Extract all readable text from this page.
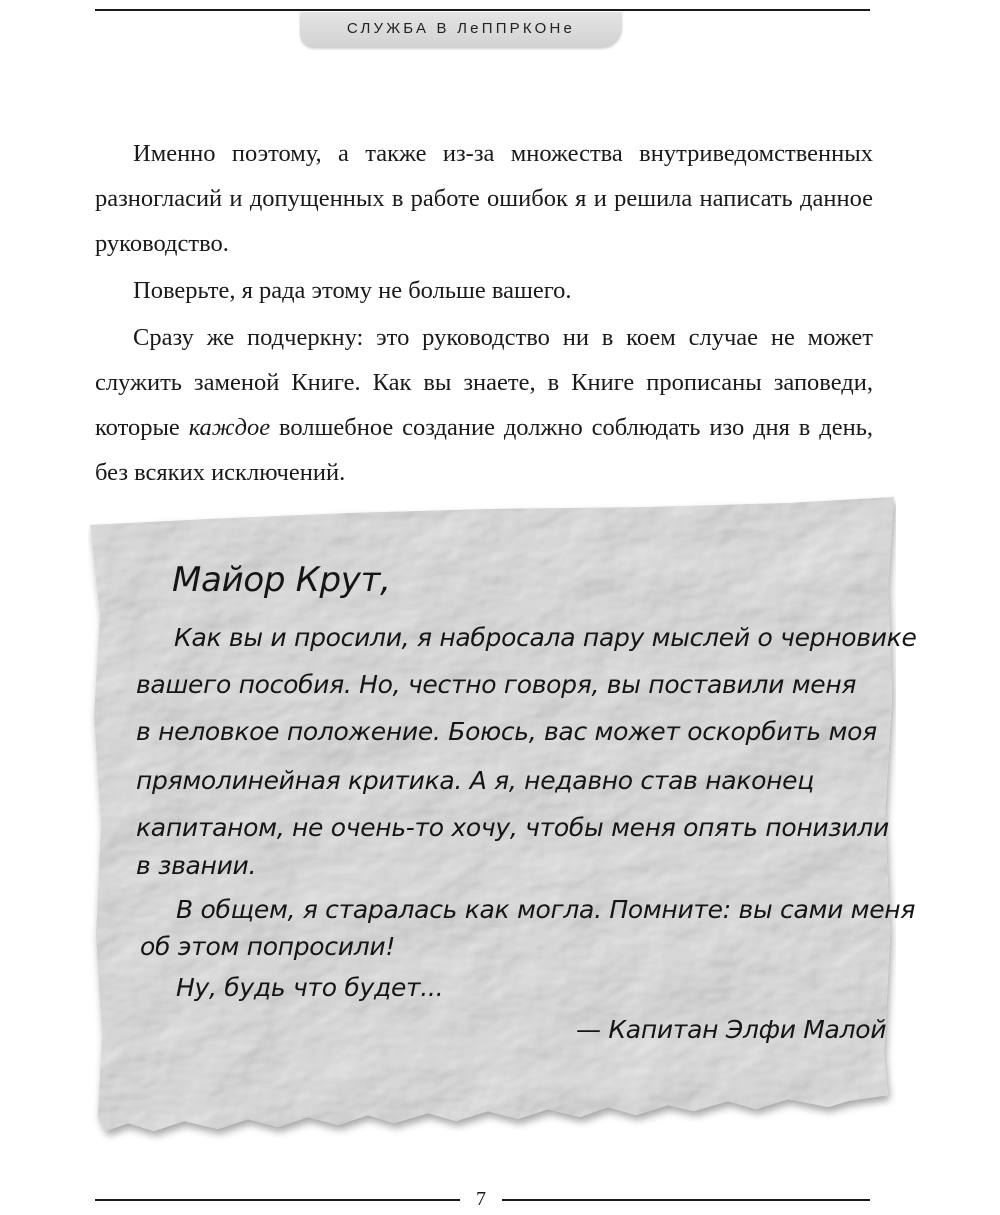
СЛУЖБА В ЛеППРКОНе

Именно поэтому, а также из-за множества внутриведомственных разногласий и допущенных в работе ошибок я и решила написать данное руководство.

Поверьте, я рада этому не больше вашего.

Сразу же подчеркну: это руководство ни в коем случае не может служить заменой Книге. Как вы знаете, в Книге прописаны заповеди, которые каждое волшебное создание должно соблюдать изо дня в день, без всяких исключений.

Майор Крут,
Как вы и просили, я набросала пару мыслей о черновике
вашего пособия. Но, честно говоря, вы поставили меня
в неловкое положение. Боюсь, вас может оскорбить моя
прямолинейная критика. А я, недавно став наконец
капитаном, не очень-то хочу, чтобы меня опять понизили
в звании.
В общем, я старалась как могла. Помните: вы сами меня
об этом попросили!
Ну, будь что будет...
— Капитан Элфи Малой
7
